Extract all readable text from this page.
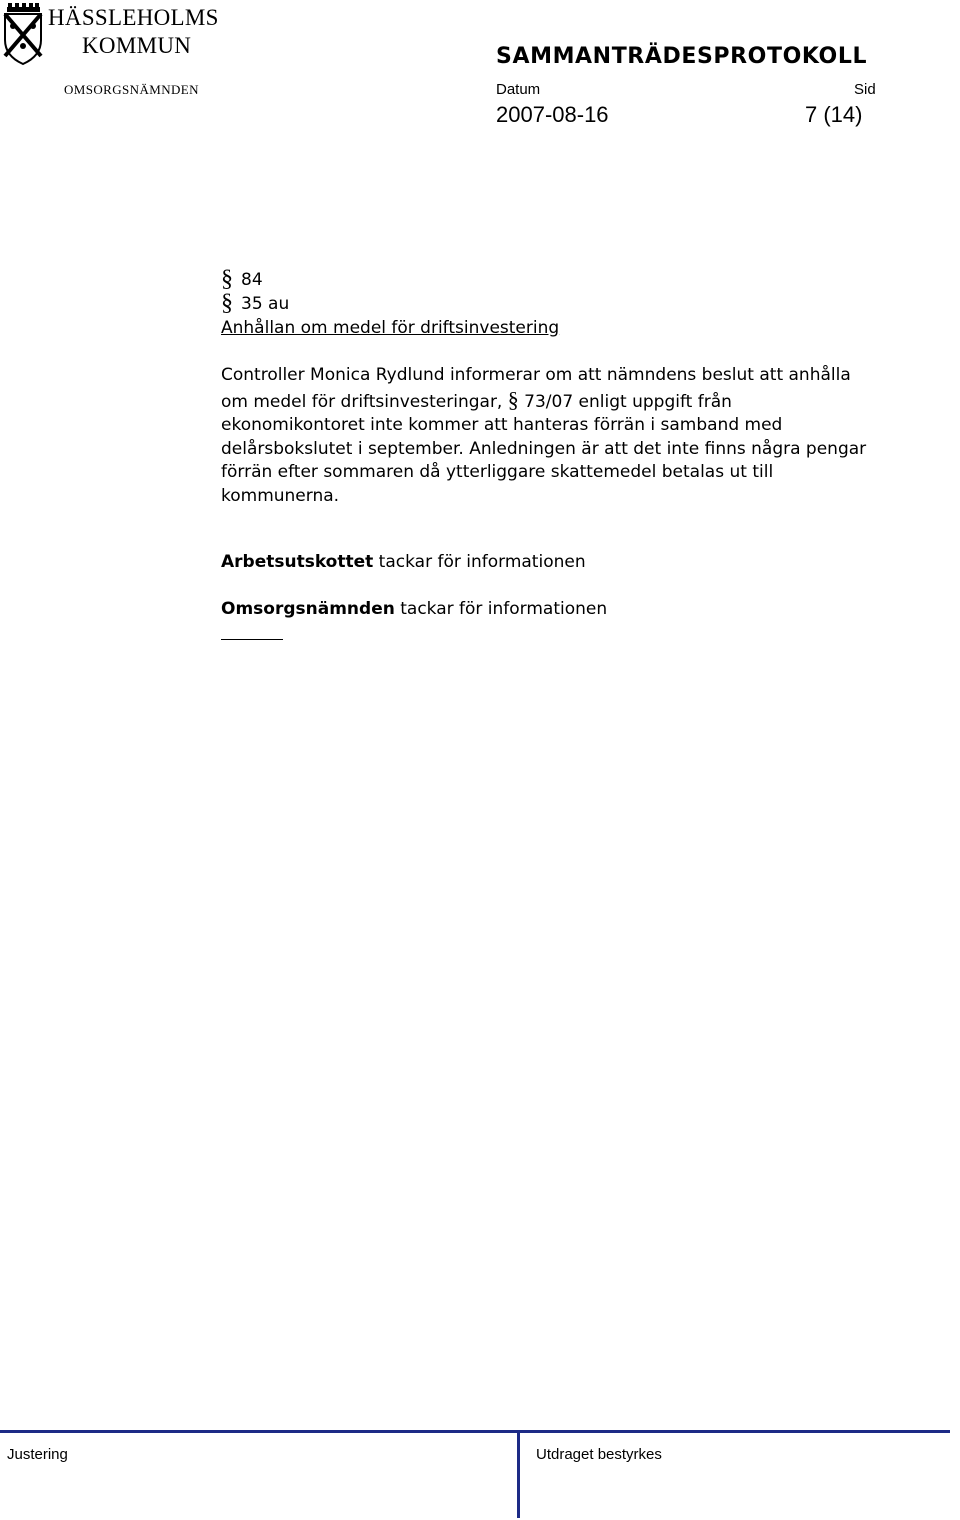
HÄSSLEHOLMS
KOMMUN
OMSORGSNÄMNDEN
SAMMANTRÄDESPROTOKOLL
Datum	Sid
2007-08-16	7 (14)
§ 84
§ 35 au
Anhållan om medel för driftsinvestering
Controller Monica Rydlund informerar om att nämndens beslut att anhålla
om medel för driftsinvesteringar, § 73/07 enligt uppgift från
ekonomikontoret inte kommer att hanteras förrän i samband med
delårsbokslutet i september. Anledningen är att det inte finns några pengar
förrän efter sommaren då ytterliggare skattemedel betalas ut till
kommunerna.
Arbetsutskottet tackar för informationen
Omsorgsnämnden tackar för informationen
Justering	Utdraget bestyrkes
